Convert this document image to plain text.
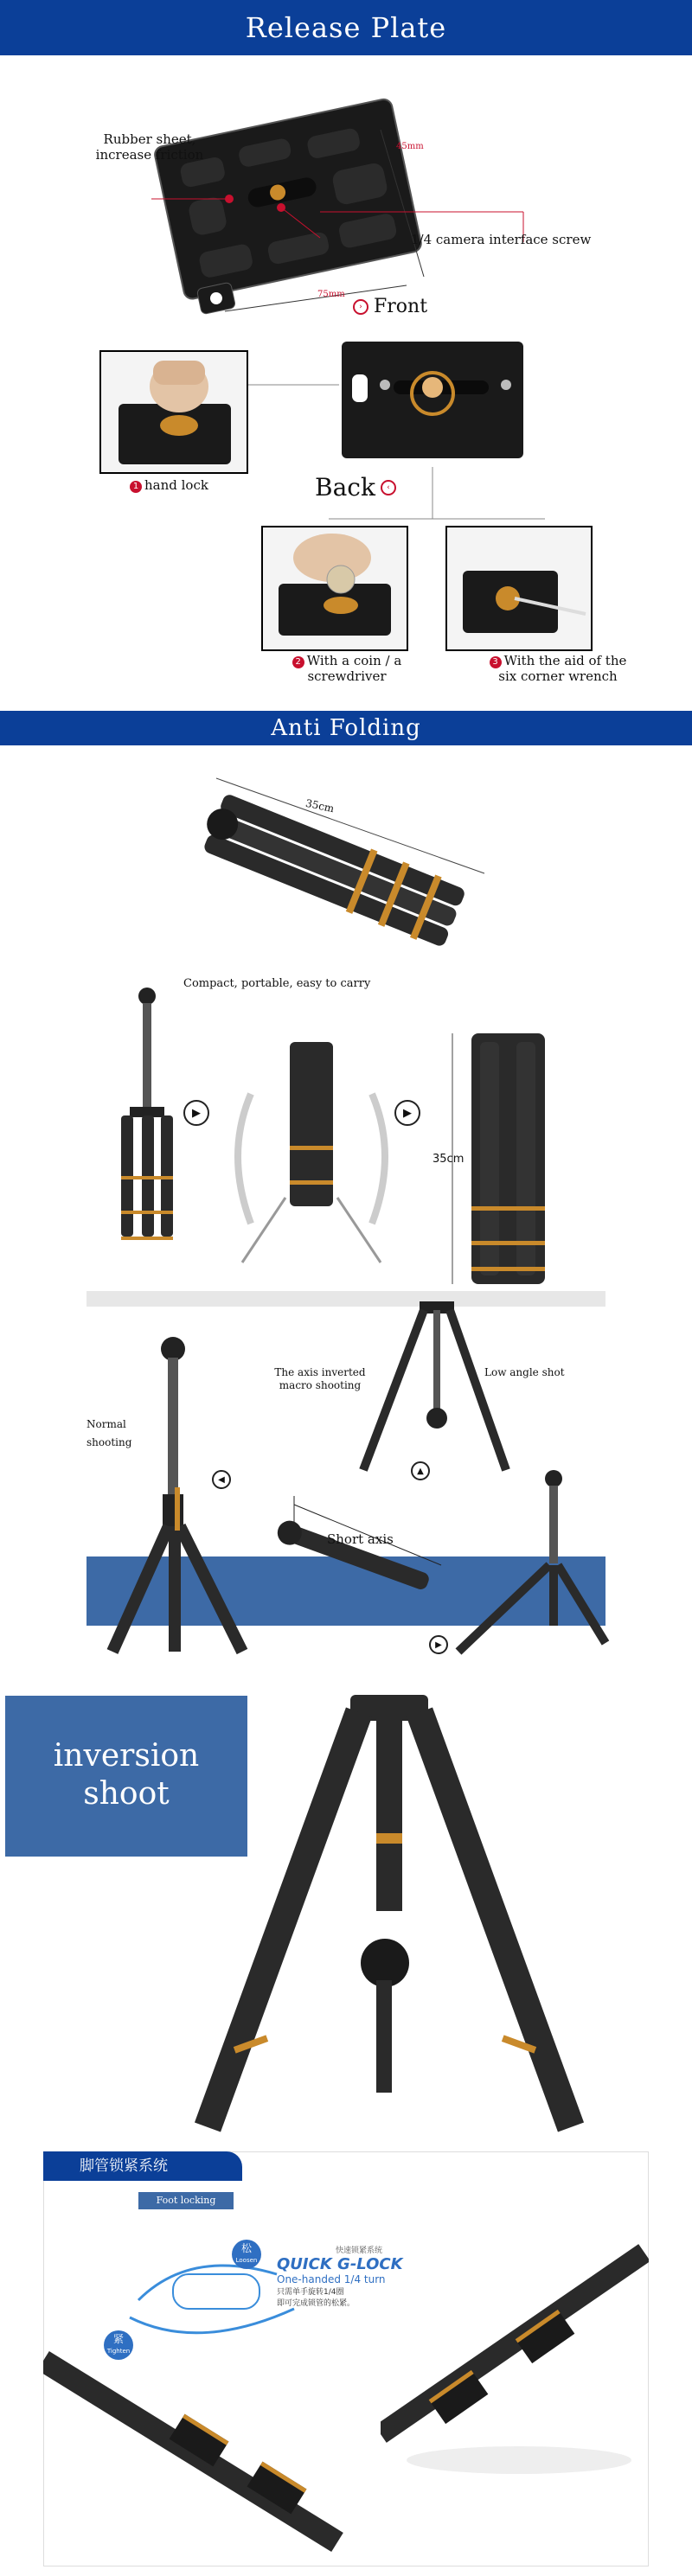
Release Plate
Rubber sheet,
increase friction
45mm
75mm
1/4 camera interface screw
› Front
1 hand lock	Back	‹
2 With a coin / a
screwdriver
3 With the aid of the
six corner wrench
Anti Folding
35cm
Compact, portable, easy to carry
▶	▶
35cm
Normal
shooting
◀
The axis inverted
macro shooting
Low angle shot
▲
Short axis
▶
inversion
shoot
脚管锁紧系统
Foot locking system
松
Loosen
紧
Tighten
快速锁紧系统
QUICK G-LOCK
One-handed 1/4 turn
只需单手旋转1/4圈
即可完成锁管的松紧。
